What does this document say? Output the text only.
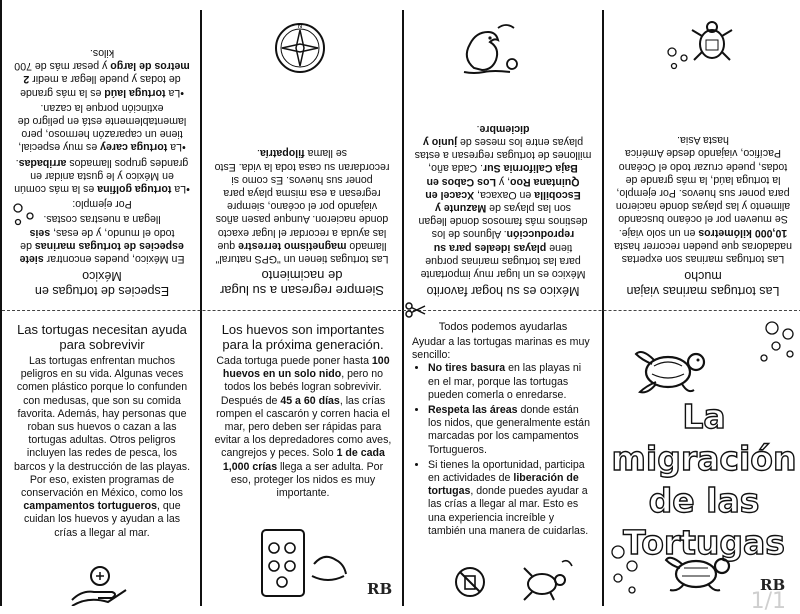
Especies de tortugas en México

En México, puedes encontrar siete especies de tortugas marinas de todo el mundo, y de esas, seis llegan a nuestras costas.

Por ejemplo:

•La tortuga golfina es la más común en México y le gusta anidar en grandes grupos llamados arribadas.

•La tortuga carey es muy especial, tiene un caparazón hermoso, pero lamentablemente está en peligro de extinción porque la cazan.

•La tortuga laúd es la más grande de todas y puede llegar a medir 2 metros de largo y pesar más de 700 kilos.

Siempre regresan a su lugar de nacimiento
Las tortugas tienen un "GPS natural" llamado magnetismo terrestre que las ayuda a recordar el lugar exacto donde nacieron. Aunque pasen años viajando por el océano, siempre regresan a esa misma playa para poner sus huevos. Es como si recordaran su casa toda la vida. Esto se llama filopatría.
N
México es su hogar favorito
México es un lugar muy importante para las tortugas marinas porque tiene playas ideales para su reproducción. Algunos de los destinos más famosos donde llegan son las playas de Mazunte y Escobilla en Oaxaca, Xcacel en Quintana Roo, y Los Cabos en Baja California Sur. Cada año, millones de tortugas regresan a estas playas entre los meses de junio y diciembre.
Las tortugas marinas viajan mucho
Las tortugas marinas son expertas nadadoras que pueden recorrer hasta 10,000 kilómetros en un solo viaje. Se mueven por el océano buscando alimento y las playas donde nacieron para poner sus huevos. Por ejemplo, la tortuga laúd, la más grande de todas, puede cruzar todo el Océano Pacífico, viajando desde América hasta Asia.
Las tortugas necesitan ayuda para sobrevivir
Las tortugas enfrentan muchos peligros en su vida. Algunas veces comen plástico porque lo confunden con medusas, que son su comida favorita. Además, hay personas que roban sus huevos o cazan a las tortugas adultas. Otros peligros incluyen las redes de pesca, los barcos y la destrucción de las playas. Por eso, existen programas de conservación en México, como los campamentos tortugueros, que cuidan los huevos y ayudan a las crías a llegar al mar.
Los huevos son importantes para la próxima generación.
Cada tortuga puede poner hasta 100 huevos en un solo nido, pero no todos los bebés logran sobrevivir. Después de 45 a 60 días, las crías rompen el cascarón y corren hacia el mar, pero deben ser rápidas para evitar a los depredadores como aves, cangrejos y peces. Solo 1 de cada 1,000 crías llega a ser adulta. Por eso, proteger los nidos es muy importante.
RB
Todos podemos ayudarlas
Ayudar a las tortugas marinas es muy sencillo:
• No tires basura en las playas ni en el mar, porque las tortugas pueden comerla o enredarse.
• Respeta las áreas donde están los nidos, que generalmente están marcadas por los campamentos Tortugueros.
• Si tienes la oportunidad, participa en actividades de liberación de tortugas, donde puedes ayudar a las crías a llegar al mar. Esto es una experiencia increíble y también una manera de cuidarlas.
La migración de las Tortugas
RB
1/1
